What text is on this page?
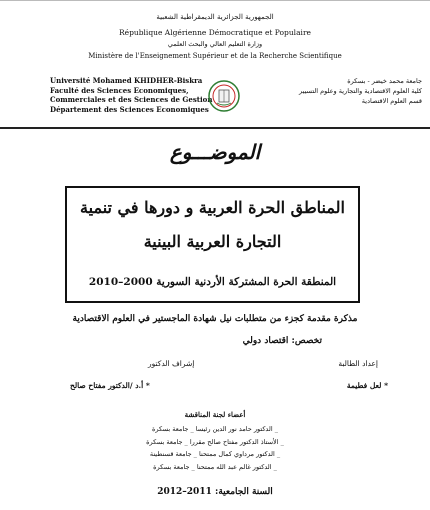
الجمهورية الجزائرية الديمقراطية الشعبية
République Algérienne Démocratique et Populaire
وزارة التعليم العالي والبحث العلمي
Ministère de l'Enseignement Supérieur et de la Recherche Scientifique
Université Mohamed KHIDHER-Biskra
Faculté des Sciences Economiques,
Commerciales et des Sciences de Gestion
Département des Sciences Economiques
جامعة محمد خيضر - بسكرة
كلية العلوم الاقتصادية والتجارية وعلوم التسيير
قسم العلوم الاقتصادية
الموضـــوع
المناطق الحرة العربية و دورها في تنمية
التجارة العربية البينية
المنطقة الحرة المشتركة الأردنية السورية 2000–2010
مذكرة مقدمة كجزء من متطلبات نيل شهادة الماجستير في العلوم الاقتصادية
تخصص: اقتصاد دولي
إعداد الطالبة
* لعل فطيمة
إشراف الدكتور
* أ.د /الدكتور مفتاح صالح
أعضاء لجنة المناقشة
_ الدكتور حامد نور الدين رئيسا _ جامعة بسكرة
_ الأستاذ الدكتور مفتاح صالح مقررا _ جامعة بسكرة
_ الدكتور مرداوي كمال ممتحنا _ جامعة قسنطينة
_ الدكتور غالم عبد الله ممتحنا _ جامعة بسكرة
السنة الجامعية: 2011–2012
